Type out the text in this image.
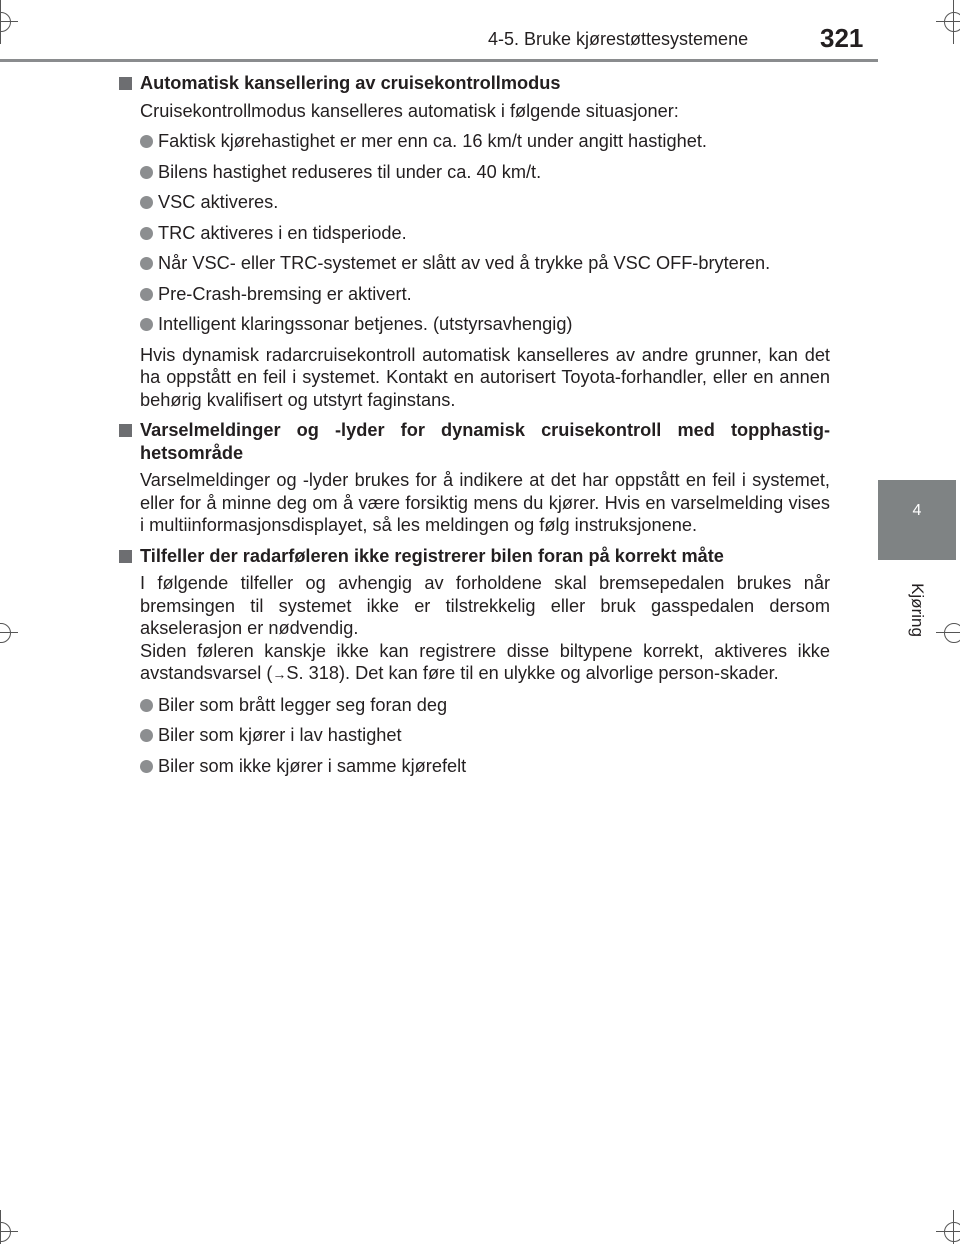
4-5. Bruke kjørestøttesystemene	321
4
Kjøring
Automatisk kansellering av cruisekontrollmodus
Cruisekontrollmodus kanselleres automatisk i følgende situasjoner:
Faktisk kjørehastighet er mer enn ca. 16 km/t under angitt hastighet.
Bilens hastighet reduseres til under ca. 40 km/t.
VSC aktiveres.
TRC aktiveres i en tidsperiode.
Når VSC- eller TRC-systemet er slått av ved å trykke på VSC OFF-bryteren.
Pre-Crash-bremsing er aktivert.
Intelligent klaringssonar betjenes. (utstyrsavhengig)
Hvis dynamisk radarcruisekontroll automatisk kanselleres av andre grunner, kan det ha oppstått en feil i systemet. Kontakt en autorisert Toyota-forhandler, eller en annen behørig kvalifisert og utstyrt faginstans.
Varselmeldinger og -lyder for dynamisk cruisekontroll med topphastig-hetsområde
Varselmeldinger og -lyder brukes for å indikere at det har oppstått en feil i systemet, eller for å minne deg om å være forsiktig mens du kjører. Hvis en varselmelding vises i multiinformasjonsdisplayet, så les meldingen og følg instruksjonene.
Tilfeller der radarføleren ikke registrerer bilen foran på korrekt måte
I følgende tilfeller og avhengig av forholdene skal bremsepedalen brukes når bremsingen til systemet ikke er tilstrekkelig eller bruk gasspedalen dersom akselerasjon er nødvendig.
Siden føleren kanskje ikke kan registrere disse biltypene korrekt, aktiveres ikke avstandsvarsel (→S. 318). Det kan føre til en ulykke og alvorlige person-skader.
Biler som brått legger seg foran deg
Biler som kjører i lav hastighet
Biler som ikke kjører i samme kjørefelt
